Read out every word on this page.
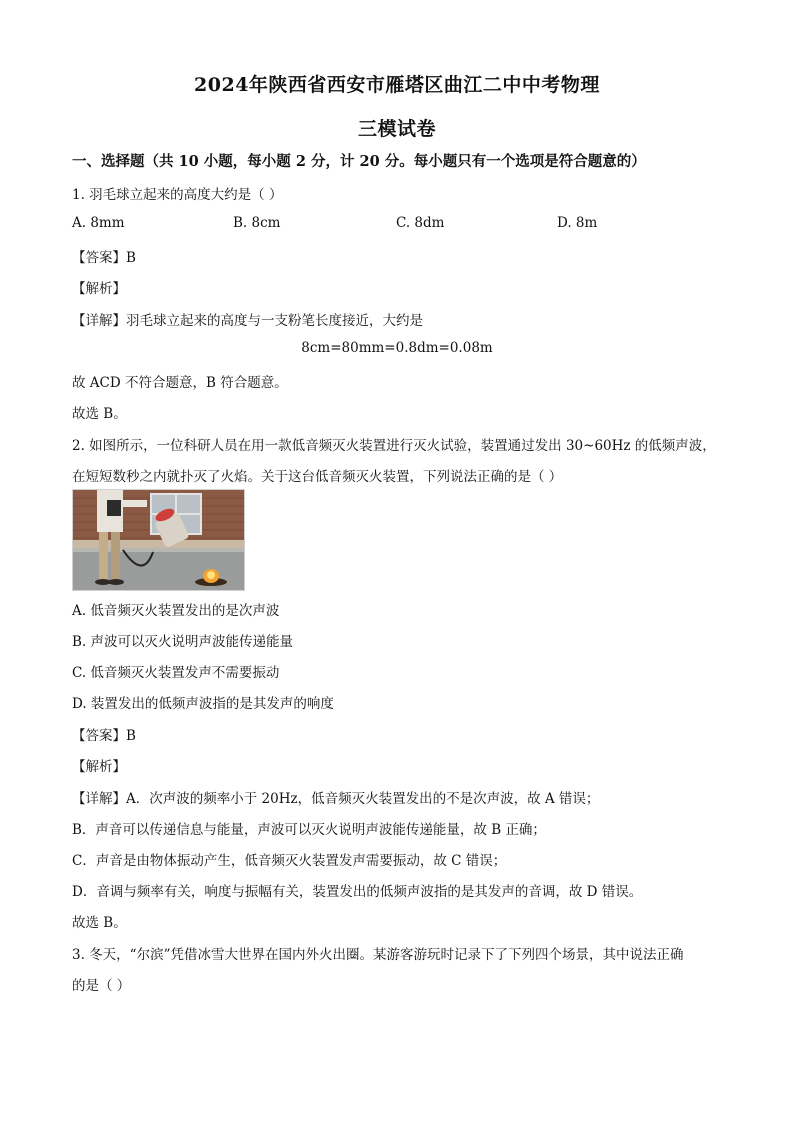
2024年陕西省西安市雁塔区曲江二中中考物理
三模试卷
一、选择题（共 10 小题，每小题 2 分，计 20 分。每小题只有一个选项是符合题意的）
1. 羽毛球立起来的高度大约是（ ）
A. 8mm	B. 8cm	C. 8dm	D. 8m
【答案】B
【解析】
【详解】羽毛球立起来的高度与一支粉笔长度接近，大约是
8cm=80mm=0.8dm=0.08m
故 ACD 不符合题意，B 符合题意。
故选 B。
2. 如图所示，一位科研人员在用一款低音频灭火装置进行灭火试验，装置通过发出 30~60Hz 的低频声波，
在短短数秒之内就扑灭了火焰。关于这台低音频灭火装置，下列说法正确的是（ ）
A. 低音频灭火装置发出的是次声波
B. 声波可以灭火说明声波能传递能量
C. 低音频灭火装置发声不需要振动
D. 装置发出的低频声波指的是其发声的响度
【答案】B
【解析】
【详解】A．次声波的频率小于 20Hz，低音频灭火装置发出的不是次声波，故 A 错误；
B．声音可以传递信息与能量，声波可以灭火说明声波能传递能量，故 B 正确；
C．声音是由物体振动产生，低音频灭火装置发声需要振动，故 C 错误；
D．音调与频率有关，响度与振幅有关，装置发出的低频声波指的是其发声的音调，故 D 错误。
故选 B。
3. 冬天，“尔滨”凭借冰雪大世界在国内外火出圈。某游客游玩时记录下了下列四个场景，其中说法正确
的是（ ）
